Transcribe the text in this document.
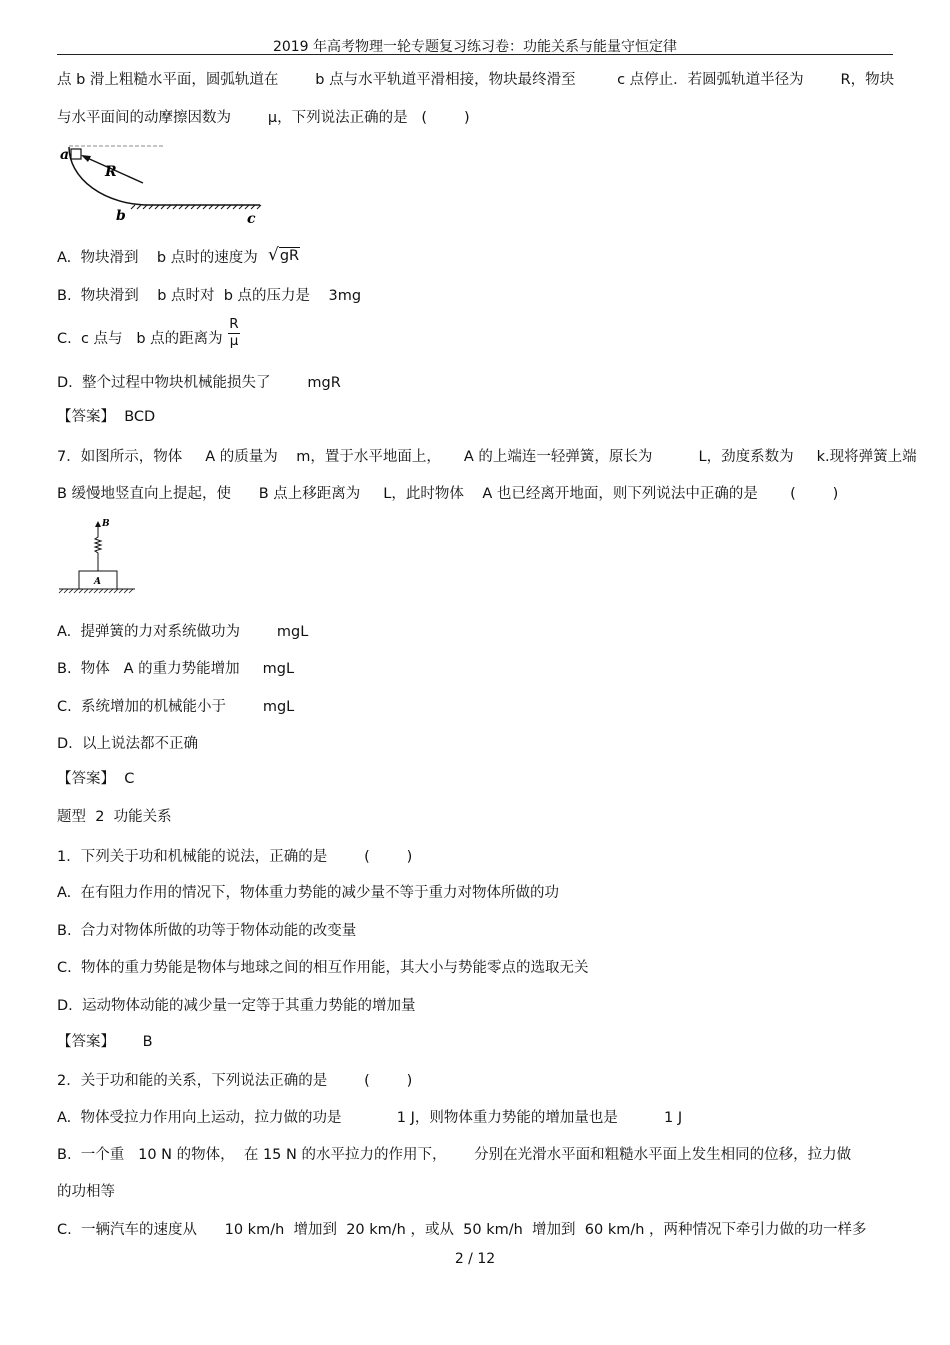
2019 年高考物理一轮专题复习练习卷：功能关系与能量守恒定律
点 b 滑上粗糙水平面，圆弧轨道在        b 点与水平轨道平滑相接，物块最终滑至         c 点停止．若圆弧轨道半径为        R，物块
与水平面间的动摩擦因数为        μ，下列说法正确的是   (        )
a
R
b	c
A.  物块滑到    b 点时的速度为 √gR
B.  物块滑到    b 点时对  b 点的压力是    3mg
C.  c 点与   b 点的距离为
R
μ
D.  整个过程中物块机械能损失了        mgR
【答案】  BCD
7．如图所示，物体     A 的质量为    m，置于水平地面上，     A 的上端连一轻弹簧，原长为          L，劲度系数为     k.现将弹簧上端
B 缓慢地竖直向上提起，使      B 点上移距离为     L，此时物体    A 也已经离开地面，则下列说法中正确的是       (        )
B
A
A.  提弹簧的力对系统做功为        mgL
B.  物体   A 的重力势能增加     mgL
C.  系统增加的机械能小于        mgL
D.  以上说法都不正确
【答案】  C
题型  2  功能关系
1．下列关于功和机械能的说法，正确的是        (        )
A.  在有阻力作用的情况下，物体重力势能的减少量不等于重力对物体所做的功
B.  合力对物体所做的功等于物体动能的改变量
C.  物体的重力势能是物体与地球之间的相互作用能，其大小与势能零点的选取无关
D.  运动物体动能的减少量一定等于其重力势能的增加量
【答案】      B
2．关于功和能的关系，下列说法正确的是        (        )
A.  物体受拉力作用向上运动，拉力做的功是            1 J，则物体重力势能的增加量也是          1 J
B.  一个重   10 N 的物体，  在 15 N 的水平拉力的作用下，      分别在光滑水平面和粗糙水平面上发生相同的位移，拉力做
的功相等
C.  一辆汽车的速度从      10 km/h  增加到  20 km/h ，或从  50 km/h  增加到  60 km/h ，两种情况下牵引力做的功一样多
2 / 12
